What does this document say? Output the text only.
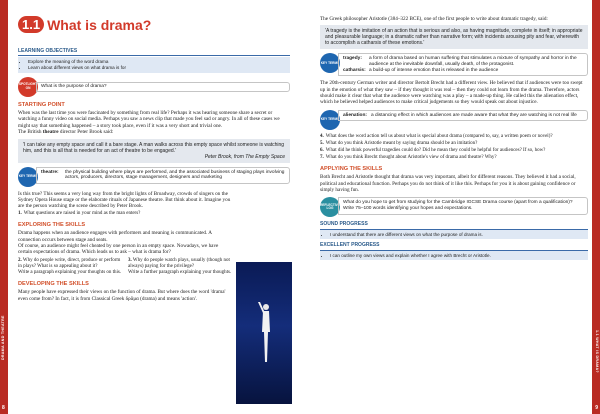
DRAMA AND THEATRE
8
1.1 What is drama?
LEARNING OBJECTIVES
• Explore the meaning of the word drama
• Learn about different views on what drama is for
SPOTLIGHT ON	What is the purpose of drama?
STARTING POINT

When was the last time you were fascinated by something from real life? Perhaps it was hearing someone share a secret or watching a funny video on social media. Perhaps you saw a news clip that made you feel sad or angry. In all of these cases we might say that something happened – a story took place, even if it was a very short and trivial one.

The British theatre director Peter Brook said:

'I can take any empty space and call it a bare stage. A man walks across this empty space whilst someone is watching him, and this is all that is needed for an act of theatre to be engaged.'

Peter Brook, from The Empty Space

KEY TERMS
theatre:	the physical building where plays are performed, and the associated business of staging plays involving actors, producers, directors, stage management, designers and marketing

Is this true? This seems a very long way from the bright lights of Broadway, crowds of singers on the Sydney Opera House stage or the elaborate rituals of Japanese theatre. But think about it. Imagine you are the person watching the scene described by Peter Brook.

1. What questions are raised in your mind as the man enters?
EXPLORING THE SKILLS

Drama happens when an audience engages with performers and meaning is communicated. A connection occurs between stage and seats.

Of course, an audience might feel cheated by one person in an empty space. Nowadays, we have certain expectations of drama. Which leads us to ask – what is drama for?

2. Why do people write, direct, produce or perform in plays? What is so appealing about it?
Write a paragraph explaining your thoughts on this.
3. Why do people watch plays, usually (though not always) paying for the privilege?
Write a further paragraph explaining your thoughts.
DEVELOPING THE SKILLS

Many people have expressed their views on the function of drama. But where does the word 'drama' even come from? In fact, it is from Classical Greek δρᾶμα (drama) and means 'action'.

9

The Greek philosopher Aristotle (384–322 BCE), one of the first people to write about dramatic tragedy, said:

'A tragedy is the imitation of an action that is serious and also, as having magnitude, complete in itself; in appropriate and pleasurable language; in a dramatic rather than narrative form; with incidents arousing pity and fear, wherewith to accomplish a catharsis of these emotions.'

KEY TERMS
tragedy:	a form of drama based on human suffering that stimulates a mixture of sympathy and horror in the audience at the inevitable downfall, usually death, of the protagonist.
catharsis: a build-up of intense emotion that is released in the audience

The 20th-century German writer and director Bertolt Brecht had a different view. He believed that if audiences were too swept up in the emotion of what they saw – if they thought it was real – then they could not learn from the drama. Therefore, actors should make it clear that what the audience were watching was a play – a made-up thing. He called this the alienation effect, which he believed helped audiences to make critical judgements so they would speak out about injustice.

KEY TERMS
alienation: a distancing effect in which audiences are made aware that what they are watching is not real life
4. What does the word action tell us about what is special about drama (compared to, say, a written poem or novel)?
5. What do you think Aristotle meant by saying drama should be an imitation?
6. What did he think powerful tragedies could do? Did he mean they could be helpful for audiences? If so, how?
7. What do you think Brecht thought about Aristotle's view of drama and theatre? Why?
APPLYING THE SKILLS

Both Brecht and Aristotle thought that drama was very important, albeit for different reasons. They believed it had a social, political and educational function. Perhaps you do not think of it like this. Perhaps for you it is about gaining confidence or simply having fun.

REFLECTIVE LOG

What do you hope to get from studying for the Cambridge IGCSE Drama course (apart from a qualification)?

Write 75–100 words identifying your hopes and expectations.

SOUND PROGRESS
• I understand that there are different views on what the purpose of drama is.
EXCELLENT PROGRESS
• I can outline my own views and explain whether I agree with Brecht or Aristotle.
1.1 WHAT IS DRAMA?
